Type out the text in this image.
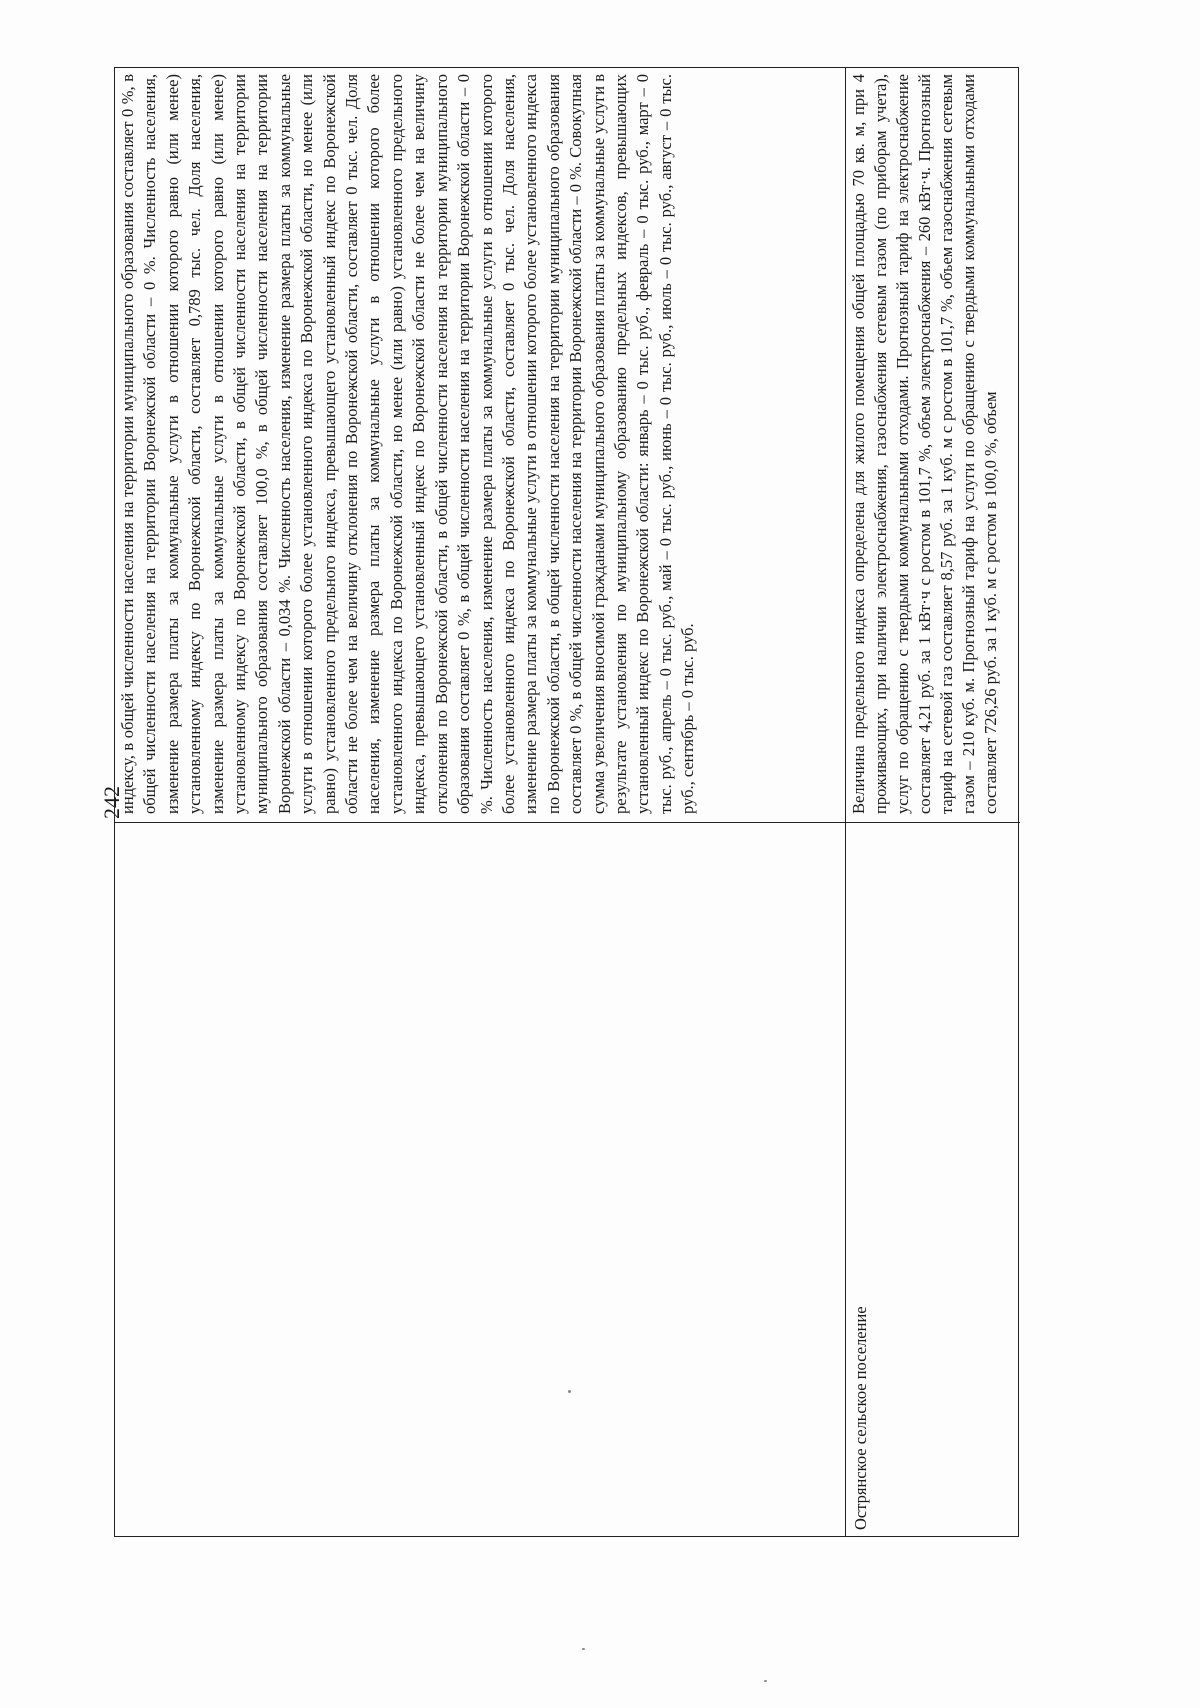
242
индексу, в общей численности населения на территории муниципального образования составляет 0 %, в общей численности населения на территории Воронежской области – 0 %. Численность населения, изменение размера платы за коммунальные услуги в отношении которого равно (или менее) установленному индексу по Воронежской области, составляет 0,789 тыс. чел. Доля населения, изменение размера платы за коммунальные услуги в отношении которого равно (или менее) установленному индексу по Воронежской области, в общей численности населения на территории муниципального образования составляет 100,0 %, в общей численности населения на территории Воронежской области – 0,034 %. Численность населения, изменение размера платы за коммунальные услуги в отношении которого более установленного индекса по Воронежской области, но менее (или равно) установленного предельного индекса, превышающего установленный индекс по Воронежской области не более чем на величину отклонения по Воронежской области, составляет 0 тыс. чел. Доля населения, изменение размера платы за коммунальные услуги в отношении которого более установленного индекса по Воронежской области, но менее (или равно) установленного предельного индекса, превышающего установленный индекс по Воронежской области не более чем на величину отклонения по Воронежской области, в общей численности населения на территории муниципального образования составляет 0 %, в общей численности населения на территории Воронежской области – 0 %. Численность населения, изменение размера платы за коммунальные услуги в отношении которого более установленного индекса по Воронежской области, составляет 0 тыс. чел. Доля населения, изменение размера платы за коммунальные услуги в отношении которого более установленного индекса по Воронежской области, в общей численности населения на территории муниципального образования составляет 0 %, в общей численности населения на территории Воронежской области – 0 %. Совокупная сумма увеличения вносимой гражданами муниципального образования платы за коммунальные услуги в результате установления по муниципальному образованию предельных индексов, превышающих установленный индекс по Воронежской области: январь – 0 тыс. руб., февраль – 0 тыс. руб., март – 0 тыс. руб., апрель – 0 тыс. руб., май – 0 тыс. руб., июнь – 0 тыс. руб., июль – 0 тыс. руб., август – 0 тыс. руб., сентябрь – 0 тыс. руб.
Острянское сельское поселение
Величина предельного индекса определена для жилого помещения общей площадью 70 кв. м, при 4 проживающих, при наличии электроснабжения, газоснабжения сетевым газом (по приборам учета), услуг по обращению с твердыми коммунальными отходами. Прогнозный тариф на электроснабжение составляет 4,21 руб. за 1 кВт·ч с ростом в 101,7 %, объем электроснабжения – 260 кВт·ч. Прогнозный тариф на сетевой газ составляет 8,57 руб. за 1 куб. м с ростом в 101,7 %, объем газоснабжения сетевым газом – 210 куб. м. Прогнозный тариф на услуги по обращению с твердыми коммунальными отходами составляет 726,26 руб. за 1 куб. м с ростом в 100,0 %, объем
